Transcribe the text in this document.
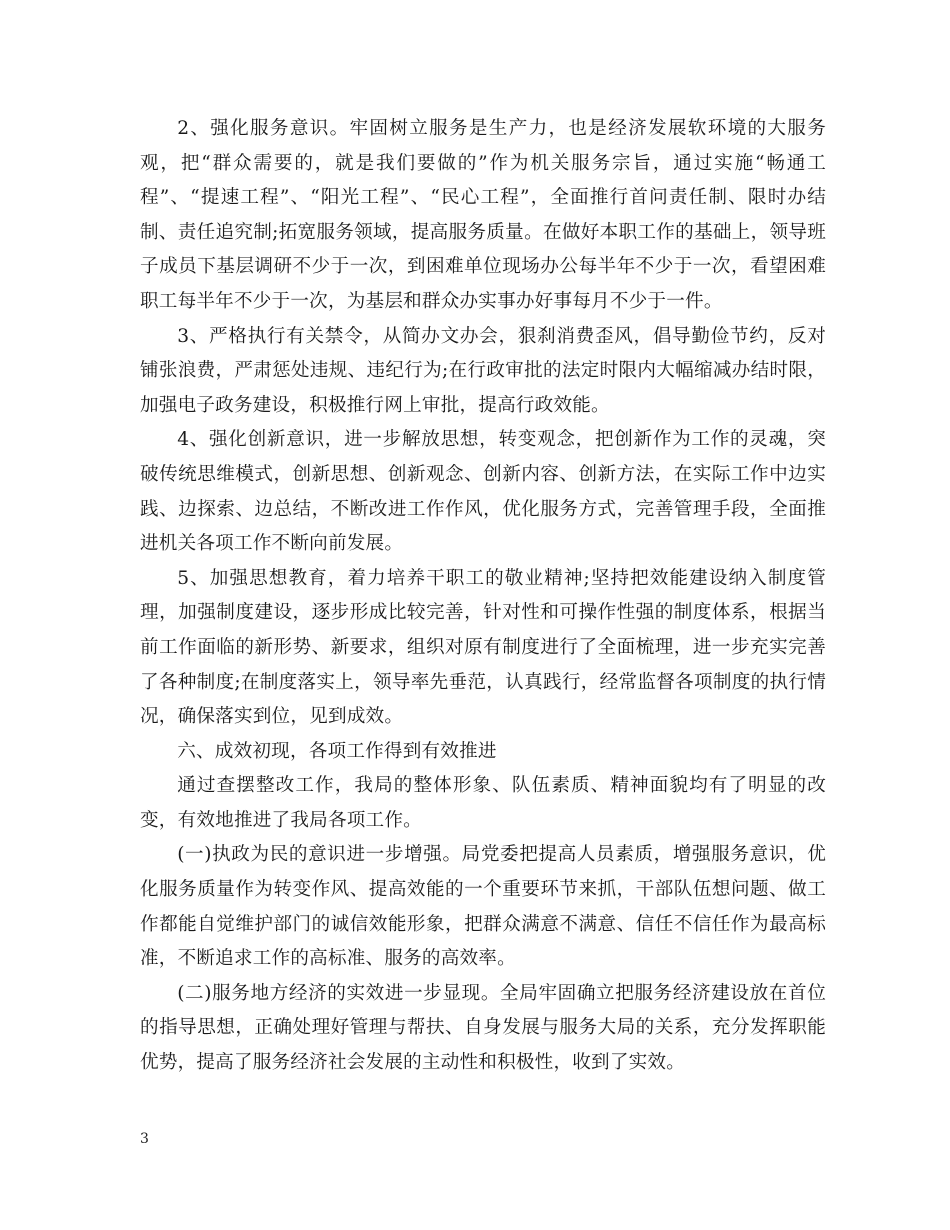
2、强化服务意识。牢固树立服务是生产力，也是经济发展软环境的大服务观，把“群众需要的，就是我们要做的”作为机关服务宗旨，通过实施“畅通工程”、“提速工程”、“阳光工程”、“民心工程”，全面推行首问责任制、限时办结制、责任追究制;拓宽服务领域，提高服务质量。在做好本职工作的基础上，领导班子成员下基层调研不少于一次，到困难单位现场办公每半年不少于一次，看望困难职工每半年不少于一次，为基层和群众办实事办好事每月不少于一件。

3、严格执行有关禁令，从简办文办会，狠刹消费歪风，倡导勤俭节约，反对铺张浪费，严肃惩处违规、违纪行为;在行政审批的法定时限内大幅缩减办结时限，加强电子政务建设，积极推行网上审批，提高行政效能。

4、强化创新意识，进一步解放思想，转变观念，把创新作为工作的灵魂，突破传统思维模式，创新思想、创新观念、创新内容、创新方法，在实际工作中边实践、边探索、边总结，不断改进工作作风，优化服务方式，完善管理手段，全面推进机关各项工作不断向前发展。

5、加强思想教育，着力培养干职工的敬业精神;坚持把效能建设纳入制度管理，加强制度建设，逐步形成比较完善，针对性和可操作性强的制度体系，根据当前工作面临的新形势、新要求，组织对原有制度进行了全面梳理，进一步充实完善了各种制度;在制度落实上，领导率先垂范，认真践行，经常监督各项制度的执行情况，确保落实到位，见到成效。

六、成效初现，各项工作得到有效推进

通过查摆整改工作，我局的整体形象、队伍素质、精神面貌均有了明显的改变，有效地推进了我局各项工作。

(一)执政为民的意识进一步增强。局党委把提高人员素质，增强服务意识，优化服务质量作为转变作风、提高效能的一个重要环节来抓，干部队伍想问题、做工作都能自觉维护部门的诚信效能形象，把群众满意不满意、信任不信任作为最高标准，不断追求工作的高标准、服务的高效率。

(二)服务地方经济的实效进一步显现。全局牢固确立把服务经济建设放在首位的指导思想，正确处理好管理与帮扶、自身发展与服务大局的关系，充分发挥职能优势，提高了服务经济社会发展的主动性和积极性，收到了实效。

3
